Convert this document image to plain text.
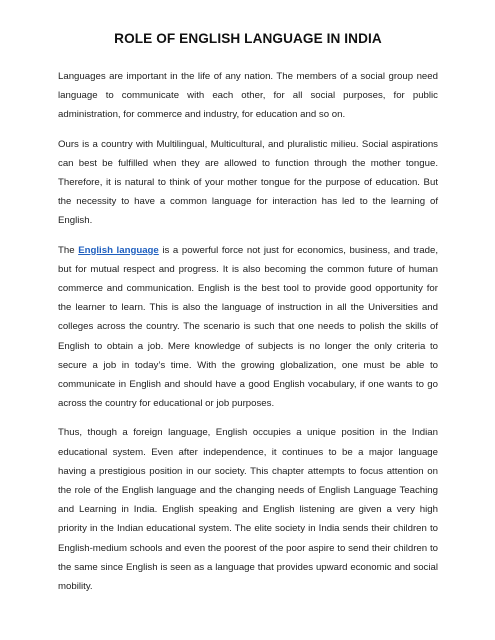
ROLE OF ENGLISH LANGUAGE IN INDIA

Languages are important in the life of any nation. The members of a social group need language to communicate with each other, for all social purposes, for public administration, for commerce and industry, for education and so on.

Ours is a country with Multilingual, Multicultural, and pluralistic milieu. Social aspirations can best be fulfilled when they are allowed to function through the mother tongue. Therefore, it is natural to think of your mother tongue for the purpose of education. But the necessity to have a common language for interaction has led to the learning of English.

The English language is a powerful force not just for economics, business, and trade, but for mutual respect and progress. It is also becoming the common future of human commerce and communication. English is the best tool to provide good opportunity for the learner to learn. This is also the language of instruction in all the Universities and colleges across the country. The scenario is such that one needs to polish the skills of English to obtain a job. Mere knowledge of subjects is no longer the only criteria to secure a job in today’s time. With the growing globalization, one must be able to communicate in English and should have a good English vocabulary, if one wants to go across the country for educational or job purposes.

Thus, though a foreign language, English occupies a unique position in the Indian educational system. Even after independence, it continues to be a major language having a prestigious position in our society. This chapter attempts to focus attention on the role of the English language and the changing needs of English Language Teaching and Learning in India. English speaking and English listening are given a very high priority in the Indian educational system. The elite society in India sends their children to English-medium schools and even the poorest of the poor aspire to send their children to the same since English is seen as a language that provides upward economic and social mobility.
